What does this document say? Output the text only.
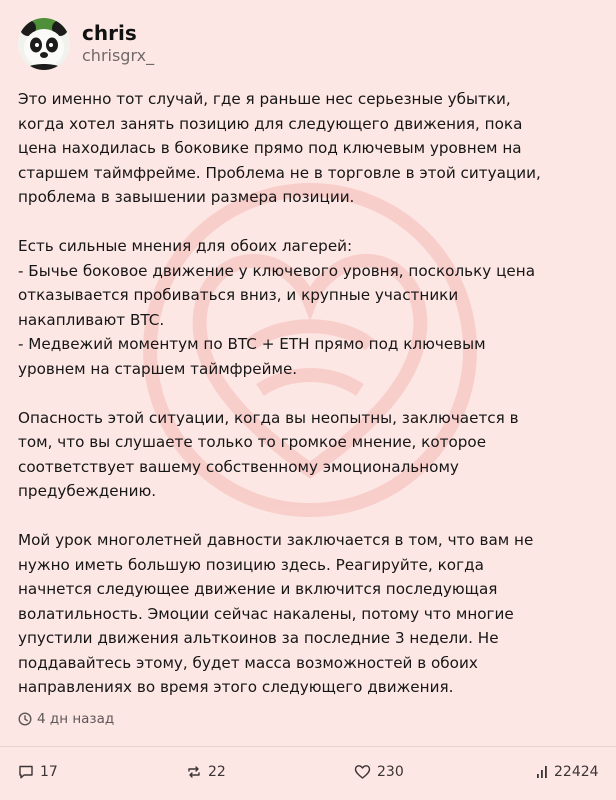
chris
chrisgrx_

Это именно тот случай, где я раньше нес серьезные убытки,
когда хотел занять позицию для следующего движения, пока
цена находилась в боковике прямо под ключевым уровнем на
старшем таймфрейме. Проблема не в торговле в этой ситуации,
проблема в завышении размера позиции.

Есть сильные мнения для обоих лагерей:
- Бычье боковое движение у ключевого уровня, поскольку цена
отказывается пробиваться вниз, и крупные участники
накапливают BTC.
- Медвежий моментум по BTC + ETH прямо под ключевым
уровнем на старшем таймфрейме.

Опасность этой ситуации, когда вы неопытны, заключается в
том, что вы слушаете только то громкое мнение, которое
соответствует вашему собственному эмоциональному
предубеждению.

Мой урок многолетней давности заключается в том, что вам не
нужно иметь большую позицию здесь. Реагируйте, когда
начнется следующее движение и включится последующая
волатильность. Эмоции сейчас накалены, потому что многие
упустили движения альткоинов за последние 3 недели. Не
поддавайтесь этому, будет масса возможностей в обоих
направлениях во время этого следующего движения.

4 дн назад
17	22	230	22424
